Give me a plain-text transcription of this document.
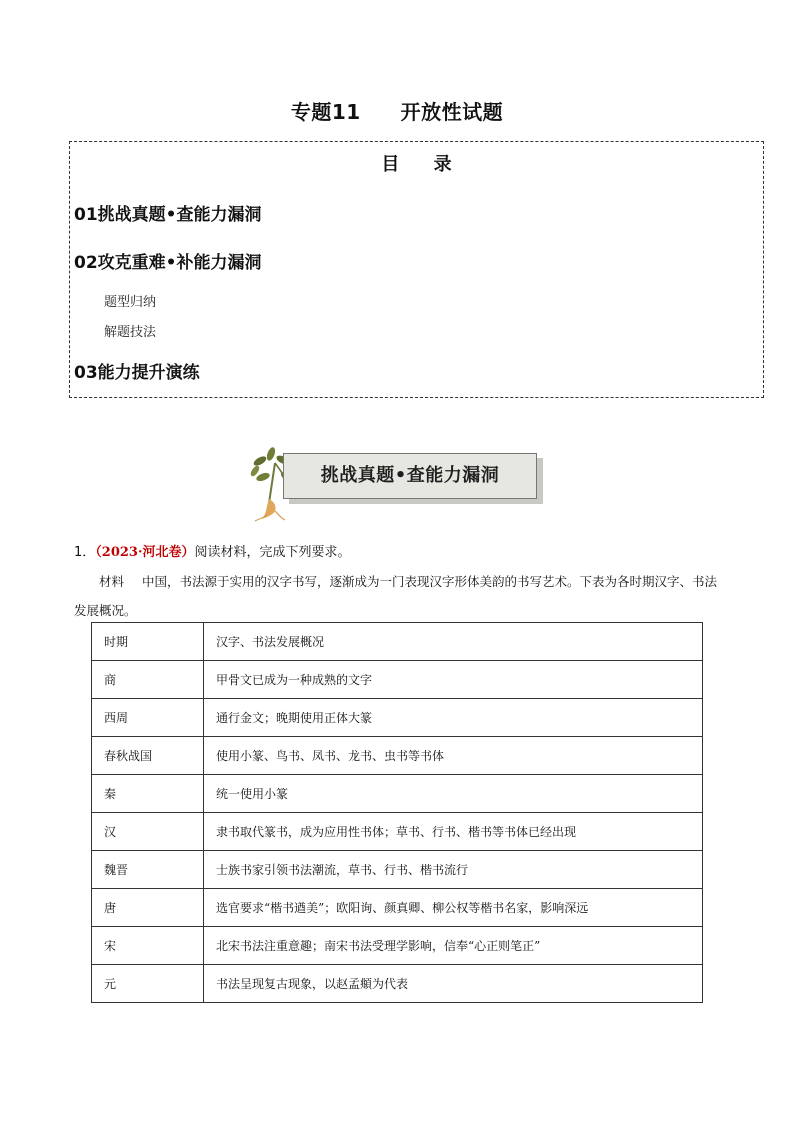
专题11 开放性试题
目 录
01挑战真题•查能力漏洞
02攻克重难•补能力漏洞
题型归纳
解题技法
03能力提升演练
挑战真题•查能力漏洞
1．（2023·河北卷）阅读材料，完成下列要求。
材料 中国，书法源于实用的汉字书写，逐渐成为一门表现汉字形体美韵的书写艺术。下表为各时期汉字、书法发展概况。
时期	汉字、书法发展概况
商	甲骨文已成为一种成熟的文字
西周	通行金文；晚期使用正体大篆
春秋战国	使用小篆、鸟书、凤书、龙书、虫书等书体
秦	统一使用小篆
汉	隶书取代篆书，成为应用性书体；草书、行书、楷书等书体已经出现
魏晋	士族书家引领书法潮流，草书、行书、楷书流行
唐	选官要求“楷书遒美”；欧阳询、颜真卿、柳公权等楷书名家，影响深远
宋	北宋书法注重意趣；南宋书法受理学影响，信奉“心正则笔正”
元	书法呈现复古现象，以赵孟頫为代表
